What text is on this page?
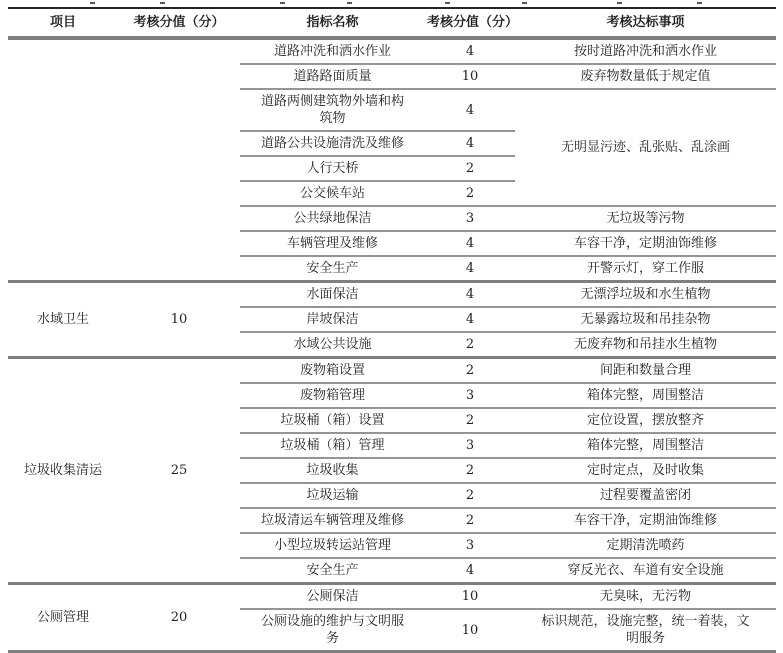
项目	考核分值（分）	指标名称	考核分值（分）	考核达标事项
		道路冲洗和洒水作业	4	按时道路冲洗和洒水作业
		道路路面质量	10	废弃物数量低于规定值
		道路两侧建筑物外墙和构筑物	4	无明显污迹、乱张贴、乱涂画
		道路公共设施清洗及维修	4	
		人行天桥	2	
		公交候车站	2	
		公共绿地保洁	3	无垃圾等污物
		车辆管理及维修	4	车容干净，定期油饰维修
		安全生产	4	开警示灯，穿工作服
水域卫生	10	水面保洁	4	无漂浮垃圾和水生植物
		岸坡保洁	4	无暴露垃圾和吊挂杂物
		水域公共设施	2	无废弃物和吊挂水生植物
垃圾收集清运	25	废物箱设置	2	间距和数量合理
		废物箱管理	3	箱体完整，周围整洁
		垃圾桶（箱）设置	2	定位设置，摆放整齐
		垃圾桶（箱）管理	3	箱体完整，周围整洁
		垃圾收集	2	定时定点，及时收集
		垃圾运输	2	过程要覆盖密闭
		垃圾清运车辆管理及维修	2	车容干净，定期油饰维修
		小型垃圾转运站管理	3	定期清洗喷药
		安全生产	4	穿反光衣、车道有安全设施
公厕管理	20	公厕保洁	10	无臭味，无污物
		公厕设施的维护与文明服务	10	标识规范，设施完整，统一着装，文明服务
